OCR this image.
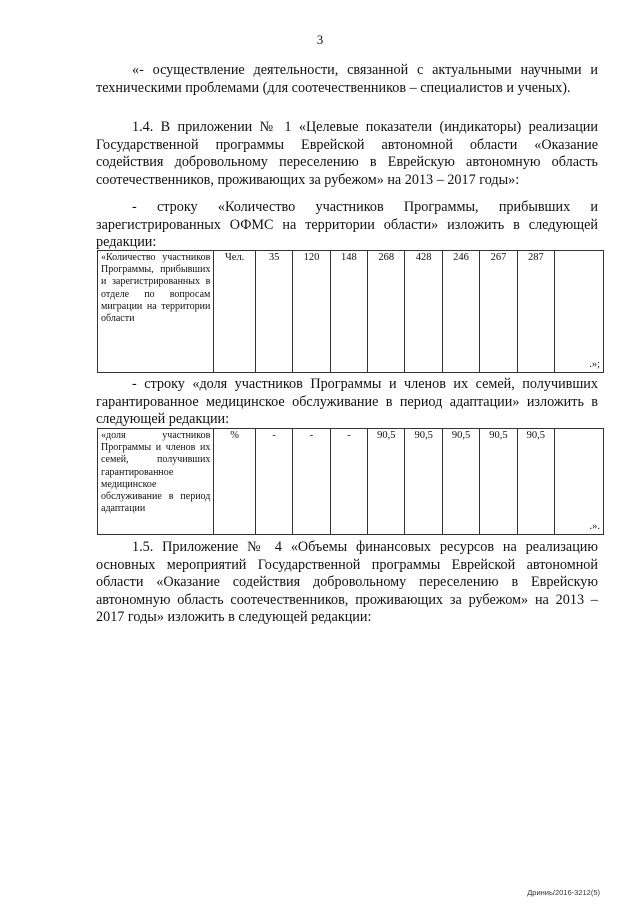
3

«- осуществление деятельности, связанной с актуальными научными и техническими проблемами (для соотечественников – специалистов и ученых).

1.4. В приложении № 1 «Целевые показатели (индикаторы) реализации Государственной программы Еврейской автономной области «Оказание содействия добровольному переселению в Еврейскую автономную область соотечественников, проживающих за рубежом» на 2013 – 2017 годы»:

- строку «Количество участников Программы, прибывших и зарегистрированных ОФМС на территории области» изложить в следующей редакции:

«Количество участников Программы, прибывших и зарегистрированных в отделе по вопросам миграции на территории области	Чел.	35	120	148	268	428	246	267	287	.»;

- строку «доля участников Программы и членов их семей, получивших гарантированное медицинское обслуживание в период адаптации» изложить в следующей редакции:

«доля участников Программы и членов их семей, получивших гарантированное медицинское обслуживание в период адаптации	%	-	-	-	90,5	90,5	90,5	90,5	90,5	.».

1.5. Приложение № 4 «Объемы финансовых ресурсов на реализацию основных мероприятий Государственной программы Еврейской автономной области «Оказание содействия добровольному переселению в Еврейскую автономную область соотечественников, проживающих за рубежом» на 2013 – 2017 годы» изложить в следующей редакции:

Дриниь/2016-3212(5)
